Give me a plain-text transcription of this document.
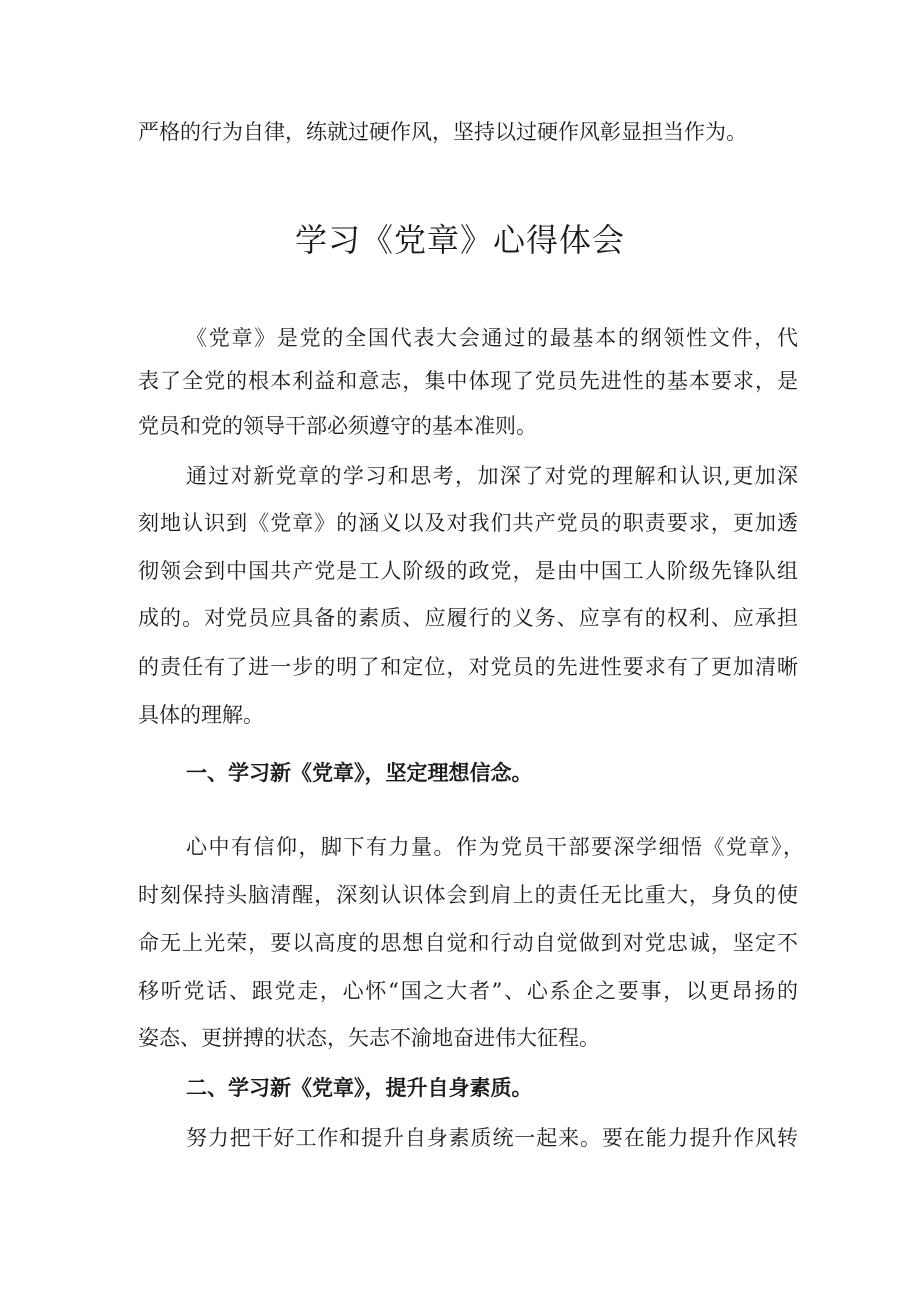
严格的行为自律，练就过硬作风，坚持以过硬作风彰显担当作为。
学习《党章》心得体会
《党章》是党的全国代表大会通过的最基本的纲领性文件，代
表了全党的根本利益和意志，集中体现了党员先进性的基本要求，是
党员和党的领导干部必须遵守的基本准则。
通过对新党章的学习和思考，加深了对党的理解和认识,更加深
刻地认识到《党章》的涵义以及对我们共产党员的职责要求，更加透
彻领会到中国共产党是工人阶级的政党，是由中国工人阶级先锋队组
成的。对党员应具备的素质、应履行的义务、应享有的权利、应承担
的责任有了进一步的明了和定位，对党员的先进性要求有了更加清晰
具体的理解。
一、学习新《党章》，坚定理想信念。
心中有信仰，脚下有力量。作为党员干部要深学细悟《党章》，
时刻保持头脑清醒，深刻认识体会到肩上的责任无比重大，身负的使
命无上光荣，要以高度的思想自觉和行动自觉做到对党忠诚，坚定不
移听党话、跟党走，心怀“国之大者”、心系企之要事，以更昂扬的
姿态、更拼搏的状态，矢志不渝地奋进伟大征程。
二、学习新《党章》，提升自身素质。
努力把干好工作和提升自身素质统一起来。要在能力提升作风转
